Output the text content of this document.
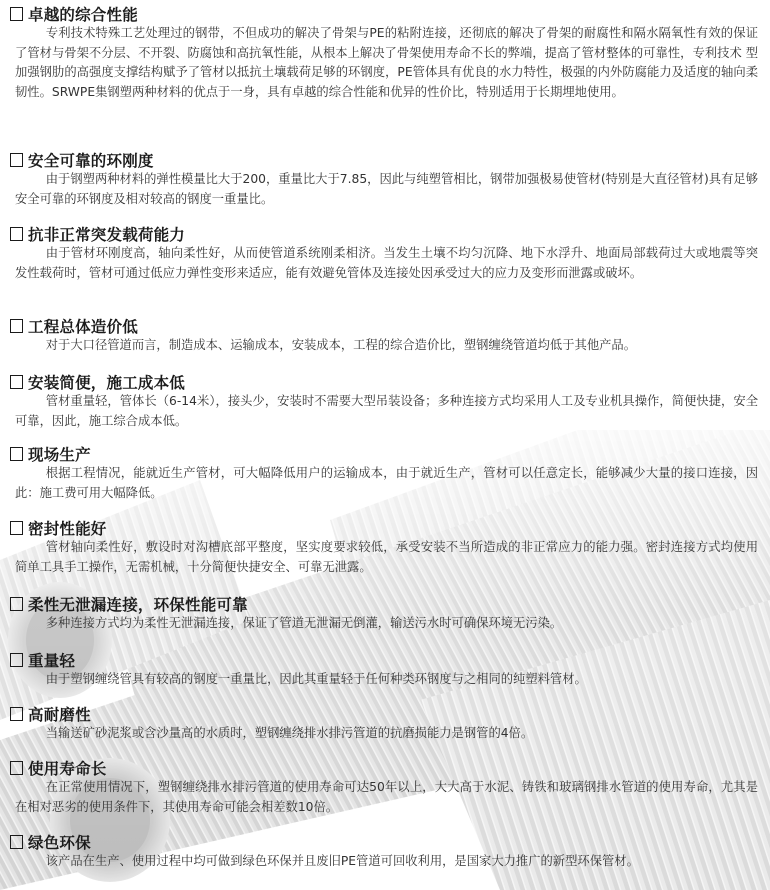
卓越的综合性能

专利技术特殊工艺处理过的钢带，不但成功的解决了骨架与PE的粘附连接，还彻底的解决了骨架的耐腐性和隔水隔氧性有效的保证了管材与骨架不分层、不开裂、防腐蚀和高抗氧性能，从根本上解决了骨架使用寿命不长的弊端，提高了管材整体的可靠性，专利技术 型加强钢肋的高强度支撑结构赋予了管材以抵抗土壤载荷足够的环钢度，PE管体具有优良的水力特性，极强的内外防腐能力及适度的轴向柔韧性。SRWPE集钢塑两种材料的优点于一身，具有卓越的综合性能和优异的性价比，特别适用于长期埋地使用。

安全可靠的环刚度

由于钢塑两种材料的弹性模量比大于200，重量比大于7.85，因此与纯塑管相比，钢带加强极易使管材(特别是大直径管材)具有足够安全可靠的环钢度及相对较高的钢度一重量比。

抗非正常突发载荷能力

由于管材环刚度高，轴向柔性好，从而使管道系统刚柔相济。当发生土壤不均匀沉降、地下水浮升、地面局部载荷过大或地震等突发性载荷时，管材可通过低应力弹性变形来适应，能有效避免管体及连接处因承受过大的应力及变形而泄露或破坏。

工程总体造价低

对于大口径管道而言，制造成本、运输成本，安装成本，工程的综合造价比，塑钢缠绕管道均低于其他产品。

安装简便，施工成本低

管材重量轻，管体长（6-14米），接头少，安装时不需要大型吊装设备；多种连接方式均采用人工及专业机具操作，简便快捷，安全可靠，因此，施工综合成本低。

现场生产

根据工程情况，能就近生产管材，可大幅降低用户的运输成本，由于就近生产，管材可以任意定长，能够减少大量的接口连接，因此：施工费可用大幅降低。

密封性能好

管材轴向柔性好，敷设时对沟槽底部平整度，坚实度要求较低，承受安装不当所造成的非正常应力的能力强。密封连接方式均使用简单工具手工操作，无需机械，十分简便快捷安全、可靠无泄露。

柔性无泄漏连接，环保性能可靠

多种连接方式均为柔性无泄漏连接，保证了管道无泄漏无倒灌，输送污水时可确保环境无污染。

重量轻

由于塑钢缠绕管具有较高的钢度一重量比，因此其重量轻于任何种类环钢度与之相同的纯塑料管材。

高耐磨性

当输送矿砂泥浆或含沙量高的水质时，塑钢缠绕排水排污管道的抗磨损能力是钢管的4倍。

使用寿命长

在正常使用情况下，塑钢缠绕排水排污管道的使用寿命可达50年以上，大大高于水泥、铸铁和玻璃钢排水管道的使用寿命，尤其是在相对恶劣的使用条件下，其使用寿命可能会相差数10倍。

绿色环保

该产品在生产、使用过程中均可做到绿色环保并且废旧PE管道可回收利用，是国家大力推广的新型环保管材。
